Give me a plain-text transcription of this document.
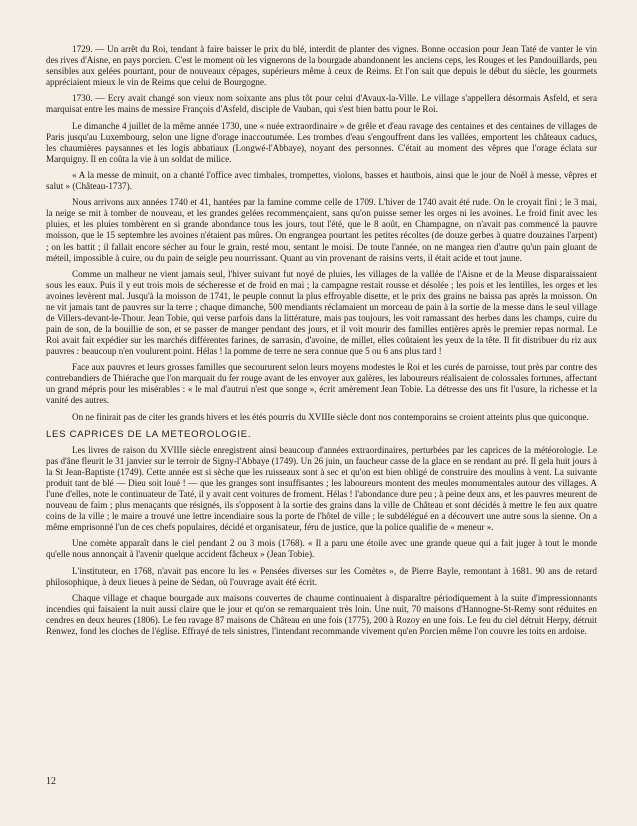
1729. — Un arrêt du Roi, tendant à faire baisser le prix du blé, interdit de planter des vignes. Bonne occasion pour Jean Taté de vanter le vin des rives d'Aisne, en pays porcien. C'est le moment où les vignerons de la bourgade abandonnent les anciens ceps, les Rouges et les Pandouillards, peu sensibles aux gelées pourtant, pour de nouveaux cépages, supérieurs même à ceux de Reims. Et l'on sait que depuis le début du siècle, les gourmets appréciaient mieux le vin de Reims que celui de Bourgogne.

1730. — Ecry avait changé son vieux nom soixante ans plus tôt pour celui d'Avaux-la-Ville. Le village s'appellera désormais Asfeld, et sera marquisat entre les mains de messire François d'Asfeld, disciple de Vauban, qui s'est bien battu pour le Roi.

Le dimanche 4 juillet de la même année 1730, une « nuée extraordinaire » de grêle et d'eau ravage des centaines et des centaines de villages de Paris jusqu'au Luxembourg, selon une ligne d'orage inaccoutumée. Les trombes d'eau s'engouffrent dans les vallées, emportent les châteaux caducs, les chaumières paysannes et les logis abbatiaux (Longwé-l'Abbaye), noyant des personnes. C'était au moment des vêpres que l'orage éclata sur Marquigny. Il en coûta la vie à un soldat de milice.

« A la messe de minuit, on a chanté l'office avec timbales, trompettes, violons, basses et hautbois, ainsi que le jour de Noël à messe, vêpres et salut » (Château-1737).

Nous arrivons aux années 1740 et 41, hantées par la famine comme celle de 1709. L'hiver de 1740 avait été rude. On le croyait fini ; le 3 mai, la neige se mit à tomber de nouveau, et les grandes gelées recommençaient, sans qu'on puisse semer les orges ni les avoines. Le froid finit avec les pluies, et les pluies tombèrent en si grande abondance tous les jours, tout l'été, que le 8 août, en Champagne, on n'avait pas commencé la pauvre moisson, que le 15 septembre les avoines n'étaient pas mûres. On engrangea pourtant les petites récoltes (de douze gerbes à quatre douzaines l'arpent) ; on les battit ; il fallait encore sécher au four le grain, resté mou, sentant le moisi. De toute l'année, on ne mangea rien d'autre qu'un pain gluant de méteil, impossible à cuire, ou du pain de seigle peu nourrissant. Quant au vin provenant de raisins verts, il était acide et tout jaune.

Comme un malheur ne vient jamais seul, l'hiver suivant fut noyé de pluies, les villages de la vallée de l'Aisne et de la Meuse disparaissaient sous les eaux. Puis il y eut trois mois de sécheresse et de froid en mai ; la campagne restait rousse et désolée ; les pois et les lentilles, les orges et les avoines levèrent mal. Jusqu'à la moisson de 1741, le peuple connut la plus effroyable disette, et le prix des grains ne baissa pas après la moisson. On ne vit jamais tant de pauvres sur la terre ; chaque dimanche, 500 mendiants réclamaient un morceau de pain à la sortie de la messe dans le seul village de Villers-devant-le-Thour. Jean Tobie, qui verse parfois dans la littérature, mais pas toujours, les voit ramassant des herbes dans les champs, cuire du pain de son, de la bouillie de son, et se passer de manger pendant des jours, et il voit mourir des familles entières après le premier repas normal. Le Roi avait fait expédier sur les marchés différentes farines, de sarrasin, d'avoine, de millet, elles coûtaient les yeux de la tête. Il fit distribuer du riz aux pauvres : beaucoup n'en voulurent point. Hélas ! la pomme de terre ne sera connue que 5 ou 6 ans plus tard !

Face aux pauvres et leurs grosses familles que secoururent selon leurs moyens modestes le Roi et les curés de paroisse, tout près par contre des contrebandiers de Thiérache que l'on marquait du fer rouge avant de les envoyer aux galères, les laboureurs réalisaient de colossales fortunes, affectant un grand mépris pour les misérables : « le mal d'autrui n'est que songe », écrit amèrement Jean Tobie. La détresse des uns fit l'usure, la richesse et la vanité des autres.

On ne finirait pas de citer les grands hivers et les étés pourris du XVIIIe siècle dont nos contemporains se croient atteints plus que quiconque.

LES CAPRICES DE LA METEOROLOGIE.

Les livres de raison du XVIIIe siècle enregistrent ainsi beaucoup d'années extraordinaires, perturbées par les caprices de la météorologie. Le pas d'âne fleurit le 31 janvier sur le terroir de Signy-l'Abbaye (1749). Un 26 juin, un faucheur casse de la glace en se rendant au pré. Il gela huit jours à la St Jean-Baptiste (1749). Cette année est si sèche que les ruisseaux sont à sec et qu'on est bien obligé de construire des moulins à vent. La suivante produit tant de blé — Dieu soit loué ! — que les granges sont insuffisantes ; les laboureurs montent des meules monumentales autour des villages. A l'une d'elles, note le continuateur de Taté, il y avait cent voitures de froment. Hélas ! l'abondance dure peu ; à peine deux ans, et les pauvres meurent de nouveau de faim ; plus menaçants que résignés, ils s'opposent à la sortie des grains dans la ville de Château et sont décidés à mettre le feu aux quatre coins de la ville ; le maire a trouvé une lettre incendiaire sous la porte de l'hôtel de ville ; le subdélégué en a découvert une autre sous la sienne. On a même emprisonné l'un de ces chefs populaires, décidé et organisateur, féru de justice, que la police qualifie de « meneur ».

Une comète apparaît dans le ciel pendant 2 ou 3 mois (1768). « Il a paru une étoile avec une grande queue qui a fait juger à tout le monde qu'elle nous annonçait à l'avenir quelque accident fâcheux » (Jean Tobie).

L'instituteur, en 1768, n'avait pas encore lu les « Pensées diverses sur les Comètes », de Pierre Bayle, remontant à 1681. 90 ans de retard philosophique, à deux lieues à peine de Sedan, où l'ouvrage avait été écrit.

Chaque village et chaque bourgade aux maisons couvertes de chaume continuaient à disparaître périodiquement à la suite d'impressionnants incendies qui faisaient la nuit aussi claire que le jour et qu'on se remarquaient très loin. Une nuit, 70 maisons d'Hannogne-St-Remy sont réduites en cendres en deux heures (1806). Le feu ravage 87 maisons de Château en une fois (1775), 200 à Rozoy en une fois. Le feu du ciel détruit Herpy, détruit Renwez, fond les cloches de l'église. Effrayé de tels sinistres, l'intendant recommande vivement qu'en Porcien même l'on couvre les toits en ardoise.

12
